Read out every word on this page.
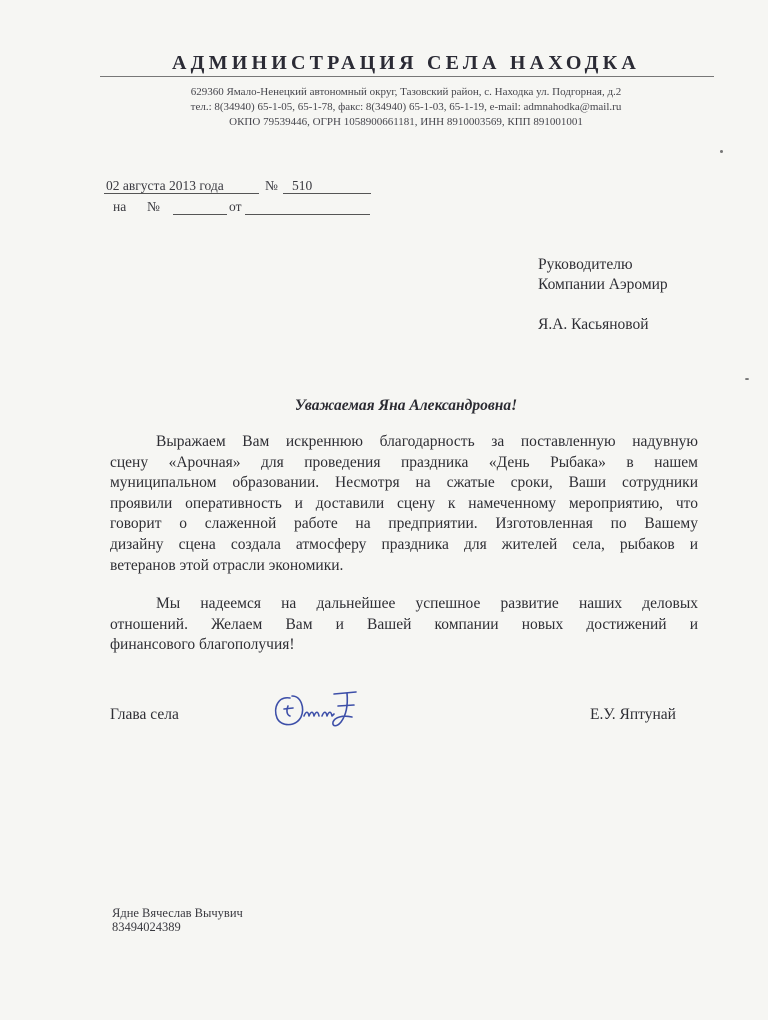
АДМИНИСТРАЦИЯ СЕЛА НАХОДКА
629360 Ямало-Ненецкий автономный округ, Тазовский район, с. Находка ул. Подгорная, д.2
тел.: 8(34940) 65-1-05, 65-1-78, факс: 8(34940) 65-1-03, 65-1-19, e-mail: admnahodka@mail.ru
ОКПО 79539446, ОГРН 1058900661181, ИНН 8910003569, КПП 891001001
02 августа 2013 года	№ 510
на №	от
Руководителю
Компании Аэромир
Я.А. Касьяновой
Уважаемая Яна Александровна!
Выражаем Вам искреннюю благодарность за поставленную надувную
сцену «Арочная» для проведения праздника «День Рыбака» в нашем
муниципальном образовании. Несмотря на сжатые сроки, Ваши сотрудники
проявили оперативность и доставили сцену к намеченному мероприятию, что
говорит о слаженной работе на предприятии. Изготовленная по Вашему
дизайну сцена создала атмосферу праздника для жителей села, рыбаков и
ветеранов этой отрасли экономики.
Мы надеемся на дальнейшее успешное развитие наших деловых
отношений. Желаем Вам и Вашей компании новых достижений и
финансового благополучия!
Глава села	Е.У. Яптунай
Ядне Вячеслав Вычувич
83494024389
